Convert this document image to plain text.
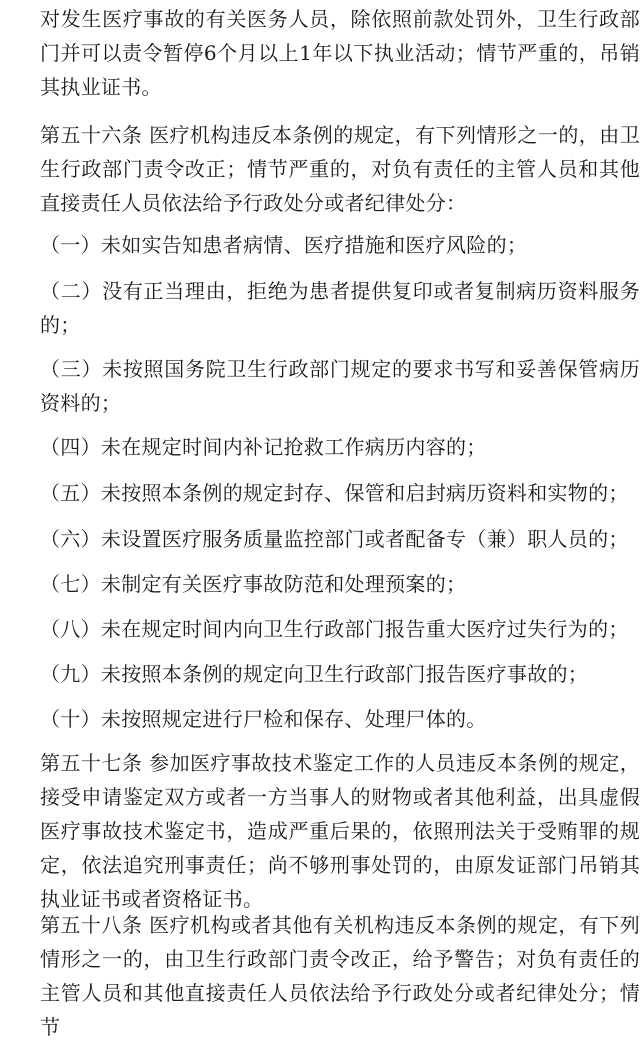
对发生医疗事故的有关医务人员，除依照前款处罚外，卫生行政部门并可以责令暂停6个月以上1年以下执业活动；情节严重的，吊销其执业证书。

第五十六条 医疗机构违反本条例的规定，有下列情形之一的，由卫生行政部门责令改正；情节严重的，对负有责任的主管人员和其他直接责任人员依法给予行政处分或者纪律处分：

（一）未如实告知患者病情、医疗措施和医疗风险的；

（二）没有正当理由，拒绝为患者提供复印或者复制病历资料服务的；

（三）未按照国务院卫生行政部门规定的要求书写和妥善保管病历资料的；

（四）未在规定时间内补记抢救工作病历内容的；

（五）未按照本条例的规定封存、保管和启封病历资料和实物的；

（六）未设置医疗服务质量监控部门或者配备专（兼）职人员的；

（七）未制定有关医疗事故防范和处理预案的；

（八）未在规定时间内向卫生行政部门报告重大医疗过失行为的；

（九）未按照本条例的规定向卫生行政部门报告医疗事故的；

（十）未按照规定进行尸检和保存、处理尸体的。

第五十七条 参加医疗事故技术鉴定工作的人员违反本条例的规定，接受申请鉴定双方或者一方当事人的财物或者其他利益，出具虚假医疗事故技术鉴定书，造成严重后果的，依照刑法关于受贿罪的规定，依法追究刑事责任；尚不够刑事处罚的，由原发证部门吊销其执业证书或者资格证书。

第五十八条 医疗机构或者其他有关机构违反本条例的规定，有下列情形之一的，由卫生行政部门责令改正，给予警告；对负有责任的主管人员和其他直接责任人员依法给予行政处分或者纪律处分；情节
